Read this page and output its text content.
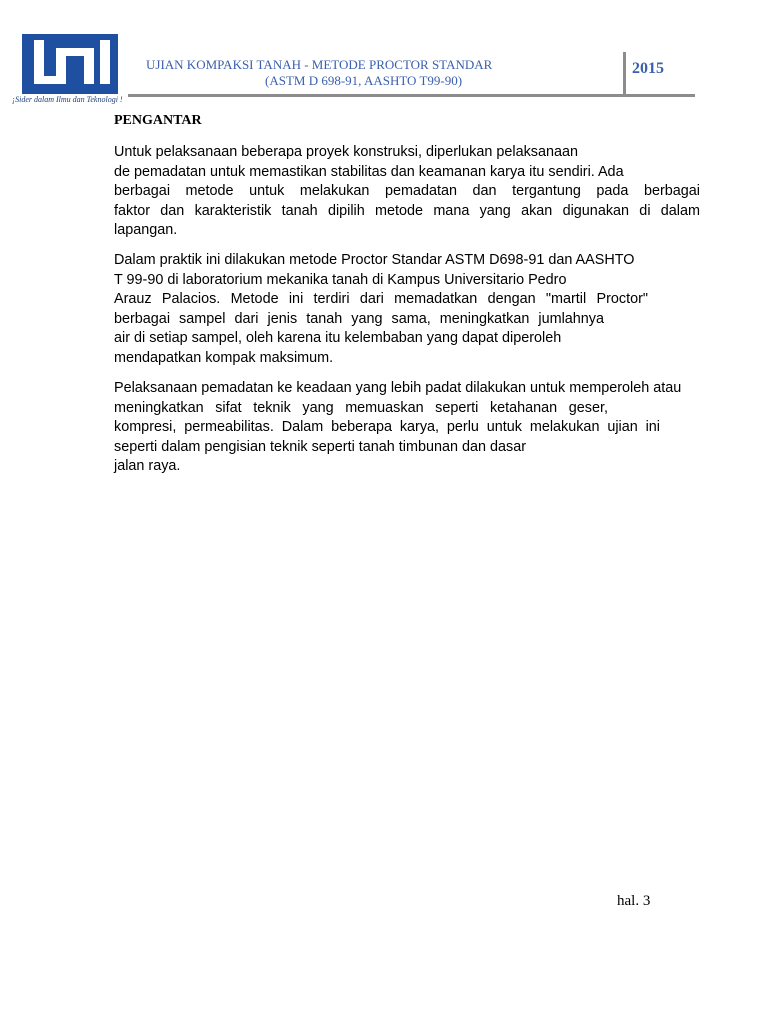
¡Sider dalam Ilmu dan Teknologi !
UJIAN KOMPAKSI TANAH - METODE PROCTOR STANDAR
(ASTM D 698-91, AASHTO T99-90)
2015
PENGANTAR
Untuk pelaksanaan beberapa proyek konstruksi, diperlukan pelaksanaan
de pemadatan untuk memastikan stabilitas dan keamanan karya itu sendiri. Ada
berbagai metode untuk melakukan pemadatan dan tergantung pada berbagai
faktor dan karakteristik tanah dipilih metode mana yang akan digunakan di dalam
lapangan.
Dalam praktik ini dilakukan metode Proctor Standar ASTM D698-91 dan AASHTO
T 99-90 di laboratorium mekanika tanah di Kampus Universitario Pedro
Arauz Palacios. Metode ini terdiri dari memadatkan dengan "martil Proctor"
berbagai sampel dari jenis tanah yang sama, meningkatkan jumlahnya
air di setiap sampel, oleh karena itu kelembaban yang dapat diperoleh
mendapatkan kompak maksimum.
Pelaksanaan pemadatan ke keadaan yang lebih padat dilakukan untuk memperoleh atau
meningkatkan sifat teknik yang memuaskan seperti ketahanan geser,
kompresi, permeabilitas. Dalam beberapa karya, perlu untuk melakukan ujian ini
seperti dalam pengisian teknik seperti tanah timbunan dan dasar
jalan raya.
hal. 3
